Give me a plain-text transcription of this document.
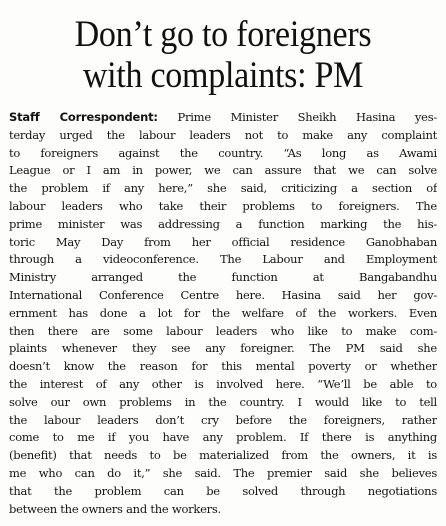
Don’t go to foreigners
with complaints: PM
Staff Correspondent: Prime Minister Sheikh Hasina yes-
terday urged the labour leaders not to make any complaint
to foreigners against the country. “As long as Awami
League or I am in power, we can assure that we can solve
the problem if any here,” she said, criticizing a section of
labour leaders who take their problems to foreigners. The
prime minister was addressing a function marking the his-
toric May Day from her official residence Ganobhaban
through a videoconference. The Labour and Employment
Ministry arranged the function at Bangabandhu
International Conference Centre here. Hasina said her gov-
ernment has done a lot for the welfare of the workers. Even
then there are some labour leaders who like to make com-
plaints whenever they see any foreigner. The PM said she
doesn’t know the reason for this mental poverty or whether
the interest of any other is involved here. “We’ll be able to
solve our own problems in the country. I would like to tell
the labour leaders don’t cry before the foreigners, rather
come to me if you have any problem. If there is anything
(benefit) that needs to be materialized from the owners, it is
me who can do it,” she said. The premier said she believes
that the problem can be solved through negotiations
between the owners and the workers.
